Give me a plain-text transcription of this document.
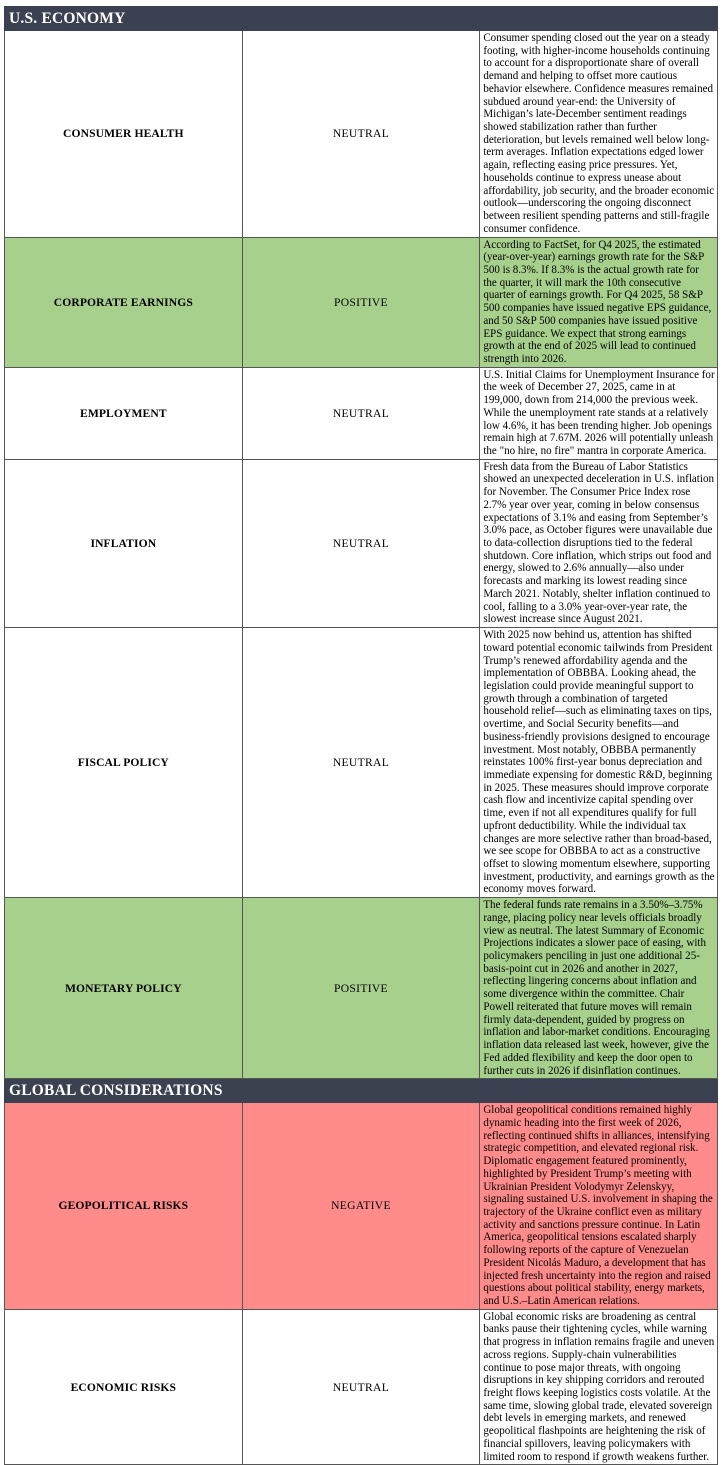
U.S. ECONOMY		
CONSUMER HEALTH	NEUTRAL	Consumer spending closed out the year on a steady footing, with higher-income households continuing to account for a disproportionate share of overall demand and helping to offset more cautious behavior elsewhere. Confidence measures remained subdued around year-end: the University of Michigan’s late-December sentiment readings showed stabilization rather than further deterioration, but levels remained well below long-term averages. Inflation expectations edged lower again, reflecting easing price pressures. Yet, households continue to express unease about affordability, job security, and the broader economic outlook—underscoring the ongoing disconnect between resilient spending patterns and still-fragile consumer confidence.
CORPORATE EARNINGS	POSITIVE	According to FactSet, for Q4 2025, the estimated (year-over-year) earnings growth rate for the S&P 500 is 8.3%. If 8.3% is the actual growth rate for the quarter, it will mark the 10th consecutive quarter of earnings growth. For Q4 2025, 58 S&P 500 companies have issued negative EPS guidance, and 50 S&P 500 companies have issued positive EPS guidance. We expect that strong earnings growth at the end of 2025 will lead to continued strength into 2026.
EMPLOYMENT	NEUTRAL	U.S. Initial Claims for Unemployment Insurance for the week of December 27, 2025, came in at 199,000, down from 214,000 the previous week. While the unemployment rate stands at a relatively low 4.6%, it has been trending higher. Job openings remain high at 7.67M. 2026 will potentially unleash the "no hire, no fire" mantra in corporate America.
INFLATION	NEUTRAL	Fresh data from the Bureau of Labor Statistics showed an unexpected deceleration in U.S. inflation for November. The Consumer Price Index rose 2.7% year over year, coming in below consensus expectations of 3.1% and easing from September’s 3.0% pace, as October figures were unavailable due to data-collection disruptions tied to the federal shutdown. Core inflation, which strips out food and energy, slowed to 2.6% annually—also under forecasts and marking its lowest reading since March 2021. Notably, shelter inflation continued to cool, falling to a 3.0% year-over-year rate, the slowest increase since August 2021.
FISCAL POLICY	NEUTRAL	With 2025 now behind us, attention has shifted toward potential economic tailwinds from President Trump’s renewed affordability agenda and the implementation of OBBBA. Looking ahead, the legislation could provide meaningful support to growth through a combination of targeted household relief—such as eliminating taxes on tips, overtime, and Social Security benefits—and business-friendly provisions designed to encourage investment. Most notably, OBBBA permanently reinstates 100% first-year bonus depreciation and immediate expensing for domestic R&D, beginning in 2025. These measures should improve corporate cash flow and incentivize capital spending over time, even if not all expenditures qualify for full upfront deductibility. While the individual tax changes are more selective rather than broad-based, we see scope for OBBBA to act as a constructive offset to slowing momentum elsewhere, supporting investment, productivity, and earnings growth as the economy moves forward.
MONETARY POLICY	POSITIVE	The federal funds rate remains in a 3.50%–3.75% range, placing policy near levels officials broadly view as neutral. The latest Summary of Economic Projections indicates a slower pace of easing, with policymakers penciling in just one additional 25-basis-point cut in 2026 and another in 2027, reflecting lingering concerns about inflation and some divergence within the committee. Chair Powell reiterated that future moves will remain firmly data-dependent, guided by progress on inflation and labor-market conditions. Encouraging inflation data released last week, however, give the Fed added flexibility and keep the door open to further cuts in 2026 if disinflation continues.
GLOBAL CONSIDERATIONS		
GEOPOLITICAL RISKS	NEGATIVE	Global geopolitical conditions remained highly dynamic heading into the first week of 2026, reflecting continued shifts in alliances, intensifying strategic competition, and elevated regional risk. Diplomatic engagement featured prominently, highlighted by President Trump’s meeting with Ukrainian President Volodymyr Zelenskyy, signaling sustained U.S. involvement in shaping the trajectory of the Ukraine conflict even as military activity and sanctions pressure continue. In Latin America, geopolitical tensions escalated sharply following reports of the capture of Venezuelan President Nicolás Maduro, a development that has injected fresh uncertainty into the region and raised questions about political stability, energy markets, and U.S.–Latin American relations.
ECONOMIC RISKS	NEUTRAL	Global economic risks are broadening as central banks pause their tightening cycles, while warning that progress in inflation remains fragile and uneven across regions. Supply-chain vulnerabilities continue to pose major threats, with ongoing disruptions in key shipping corridors and rerouted freight flows keeping logistics costs volatile. At the same time, slowing global trade, elevated sovereign debt levels in emerging markets, and renewed geopolitical flashpoints are heightening the risk of financial spillovers, leaving policymakers with limited room to respond if growth weakens further.
